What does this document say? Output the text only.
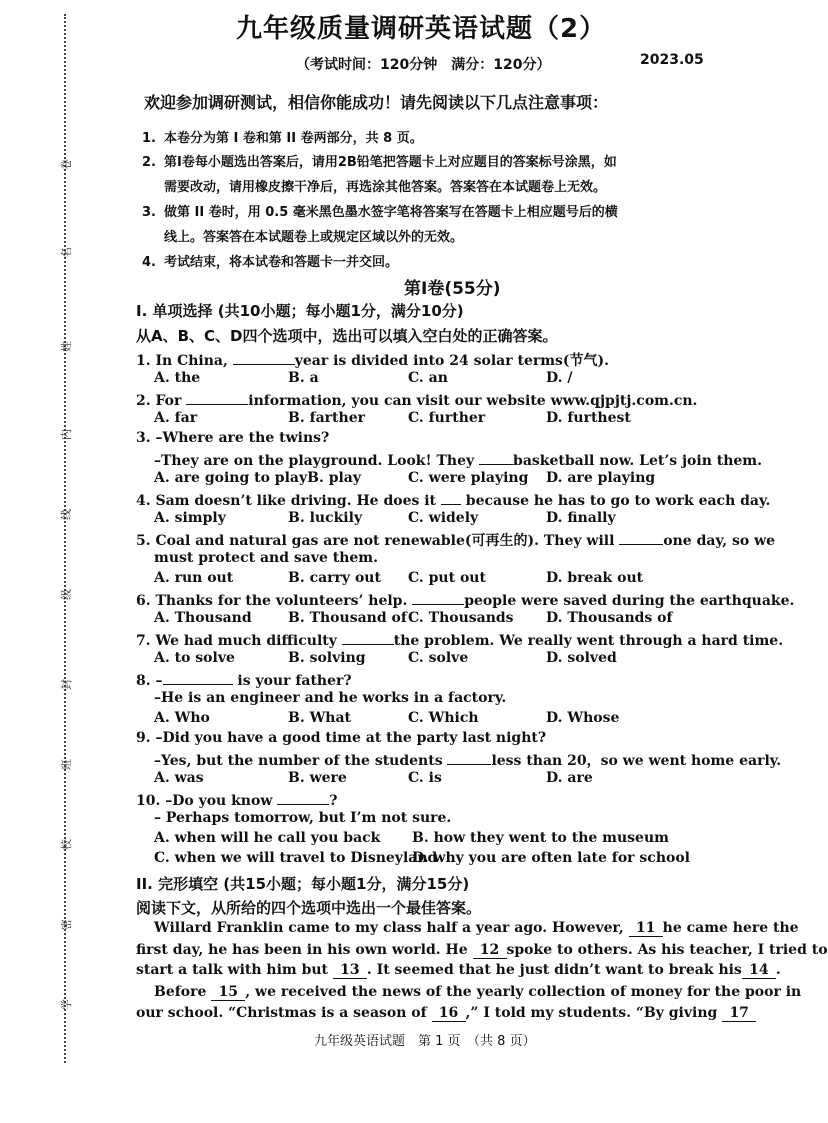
卷
名
姓
内
线
级
封
班
校
密
学
九年级质量调研英语试题（2）
（考试时间：120分钟　满分：120分）	2023.05
欢迎参加调研测试，相信你能成功！请先阅读以下几点注意事项：
1. 本卷分为第 I 卷和第 II 卷两部分，共 8 页。
2. 第I卷每小题选出答案后，请用2B铅笔把答题卡上对应题目的答案标号涂黑，如
需要改动，请用橡皮擦干净后，再选涂其他答案。答案答在本试题卷上无效。
3. 做第 II 卷时，用 0.5 毫米黑色墨水签字笔将答案写在答题卡上相应题号后的横
线上。答案答在本试题卷上或规定区域以外的无效。
4. 考试结束，将本试卷和答题卡一并交回。
第I卷(55分)
I. 单项选择 (共10小题；每小题1分，满分10分)
从A、B、C、D四个选项中，选出可以填入空白处的正确答案。
1. In China,	year is divided into 24 solar terms(节气).
A. the	B. a	C. an	D. /
2. For	information, you can visit our website www.qjpjtj.com.cn.
A. far	B. farther	C. further	D. furthest
3. –Where are the twins?
–They are on the playground. Look! They basketball now. Let’s join them.
A. are going to playB. play	C. were playing D. are playing
4. Sam doesn’t like driving. He does it  because he has to go to work each day.
A. simply	B. luckily	C. widely	D. finally
5. Coal and natural gas are not renewable(可再生的). They will	one day, so we
must protect and save them.
A. run out	B. carry out C. put out	D. break out
6. Thanks for the volunteers’ help.	people were saved during the earthquake.
A. Thousand	B. Thousand of C. Thousands D. Thousands of
7. We had much difficulty	the problem. We really went through a hard time.
A. to solve	B. solving	C. solve	D. solved
8. –	is your father?
–He is an engineer and he works in a factory.
A. Who	B. What	C. Which	D. Whose
9. –Did you have a good time at the party last night?
–Yes, but the number of the students	less than 20，so we went home early.
A. was	B. were	C. is	D. are
10. –Do you know	?
– Perhaps tomorrow, but I’m not sure.
A. when will he call you back B. how they went to the museum
C. when we will travel to Disneyland
D. why you are often late for school
II. 完形填空 (共15小题；每小题1分，满分15分)
阅读下文，从所给的四个选项中选出一个最佳答案。
Willard Franklin came to my class half a year ago. However, 11 he came here the
first day, he has been in his own world. He 12 spoke to others. As his teacher, I tried to
start a talk with him but 13 . It seemed that he just didn’t want to break his 14 .
Before 15 , we received the news of the yearly collection of money for the poor in
our school. “Christmas is a season of 16 ,” I told my students. “By giving 17
九年级英语试题　第 1 页　（共 8 页）
